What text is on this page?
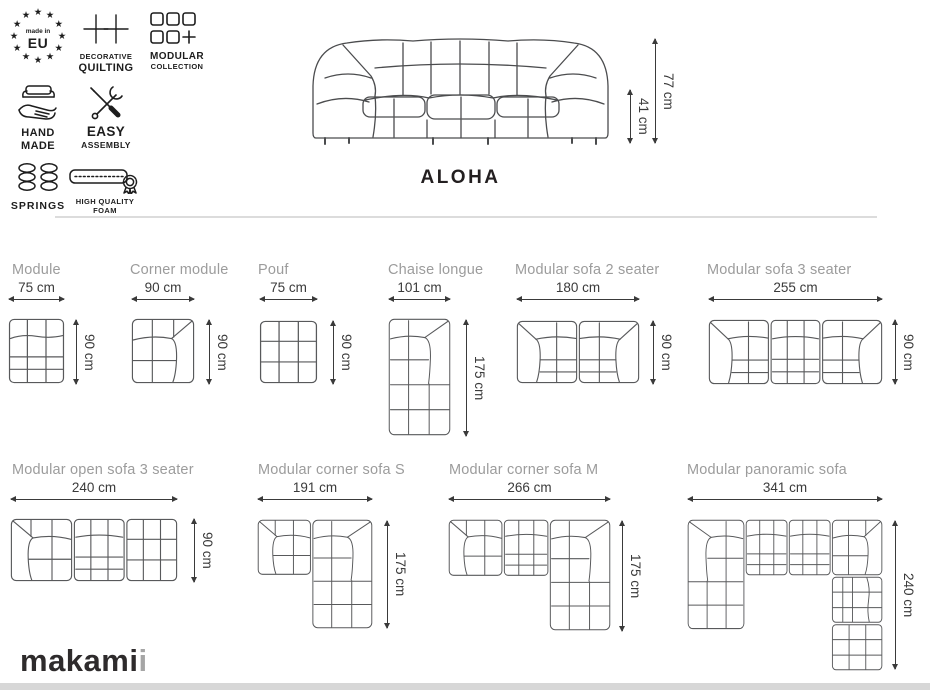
★ ★
★
★
★
★
★
★
★
★
★
★
made in
EU
DECORATIVE
QUILTING
MODULAR
COLLECTION
HAND
MADE
EASY
ASSEMBLY
SPRINGS HIGH QUALITY
FOAM
41 cm
77 cm
ALOHA
Module
75 cm
90 cm
Corner module
90 cm
90 cm
Pouf
75 cm
90 cm
Chaise longue
101 cm
175 cm
Modular sofa 2 seater
180 cm
90 cm
Modular sofa 3 seater
255 cm
90 cm
Modular open sofa 3 seater
240 cm
90 cm
Modular corner sofa S
191 cm
175 cm
Modular corner sofa M
266 cm
175 cm
Modular panoramic sofa
341 cm
240 cm
makamii
